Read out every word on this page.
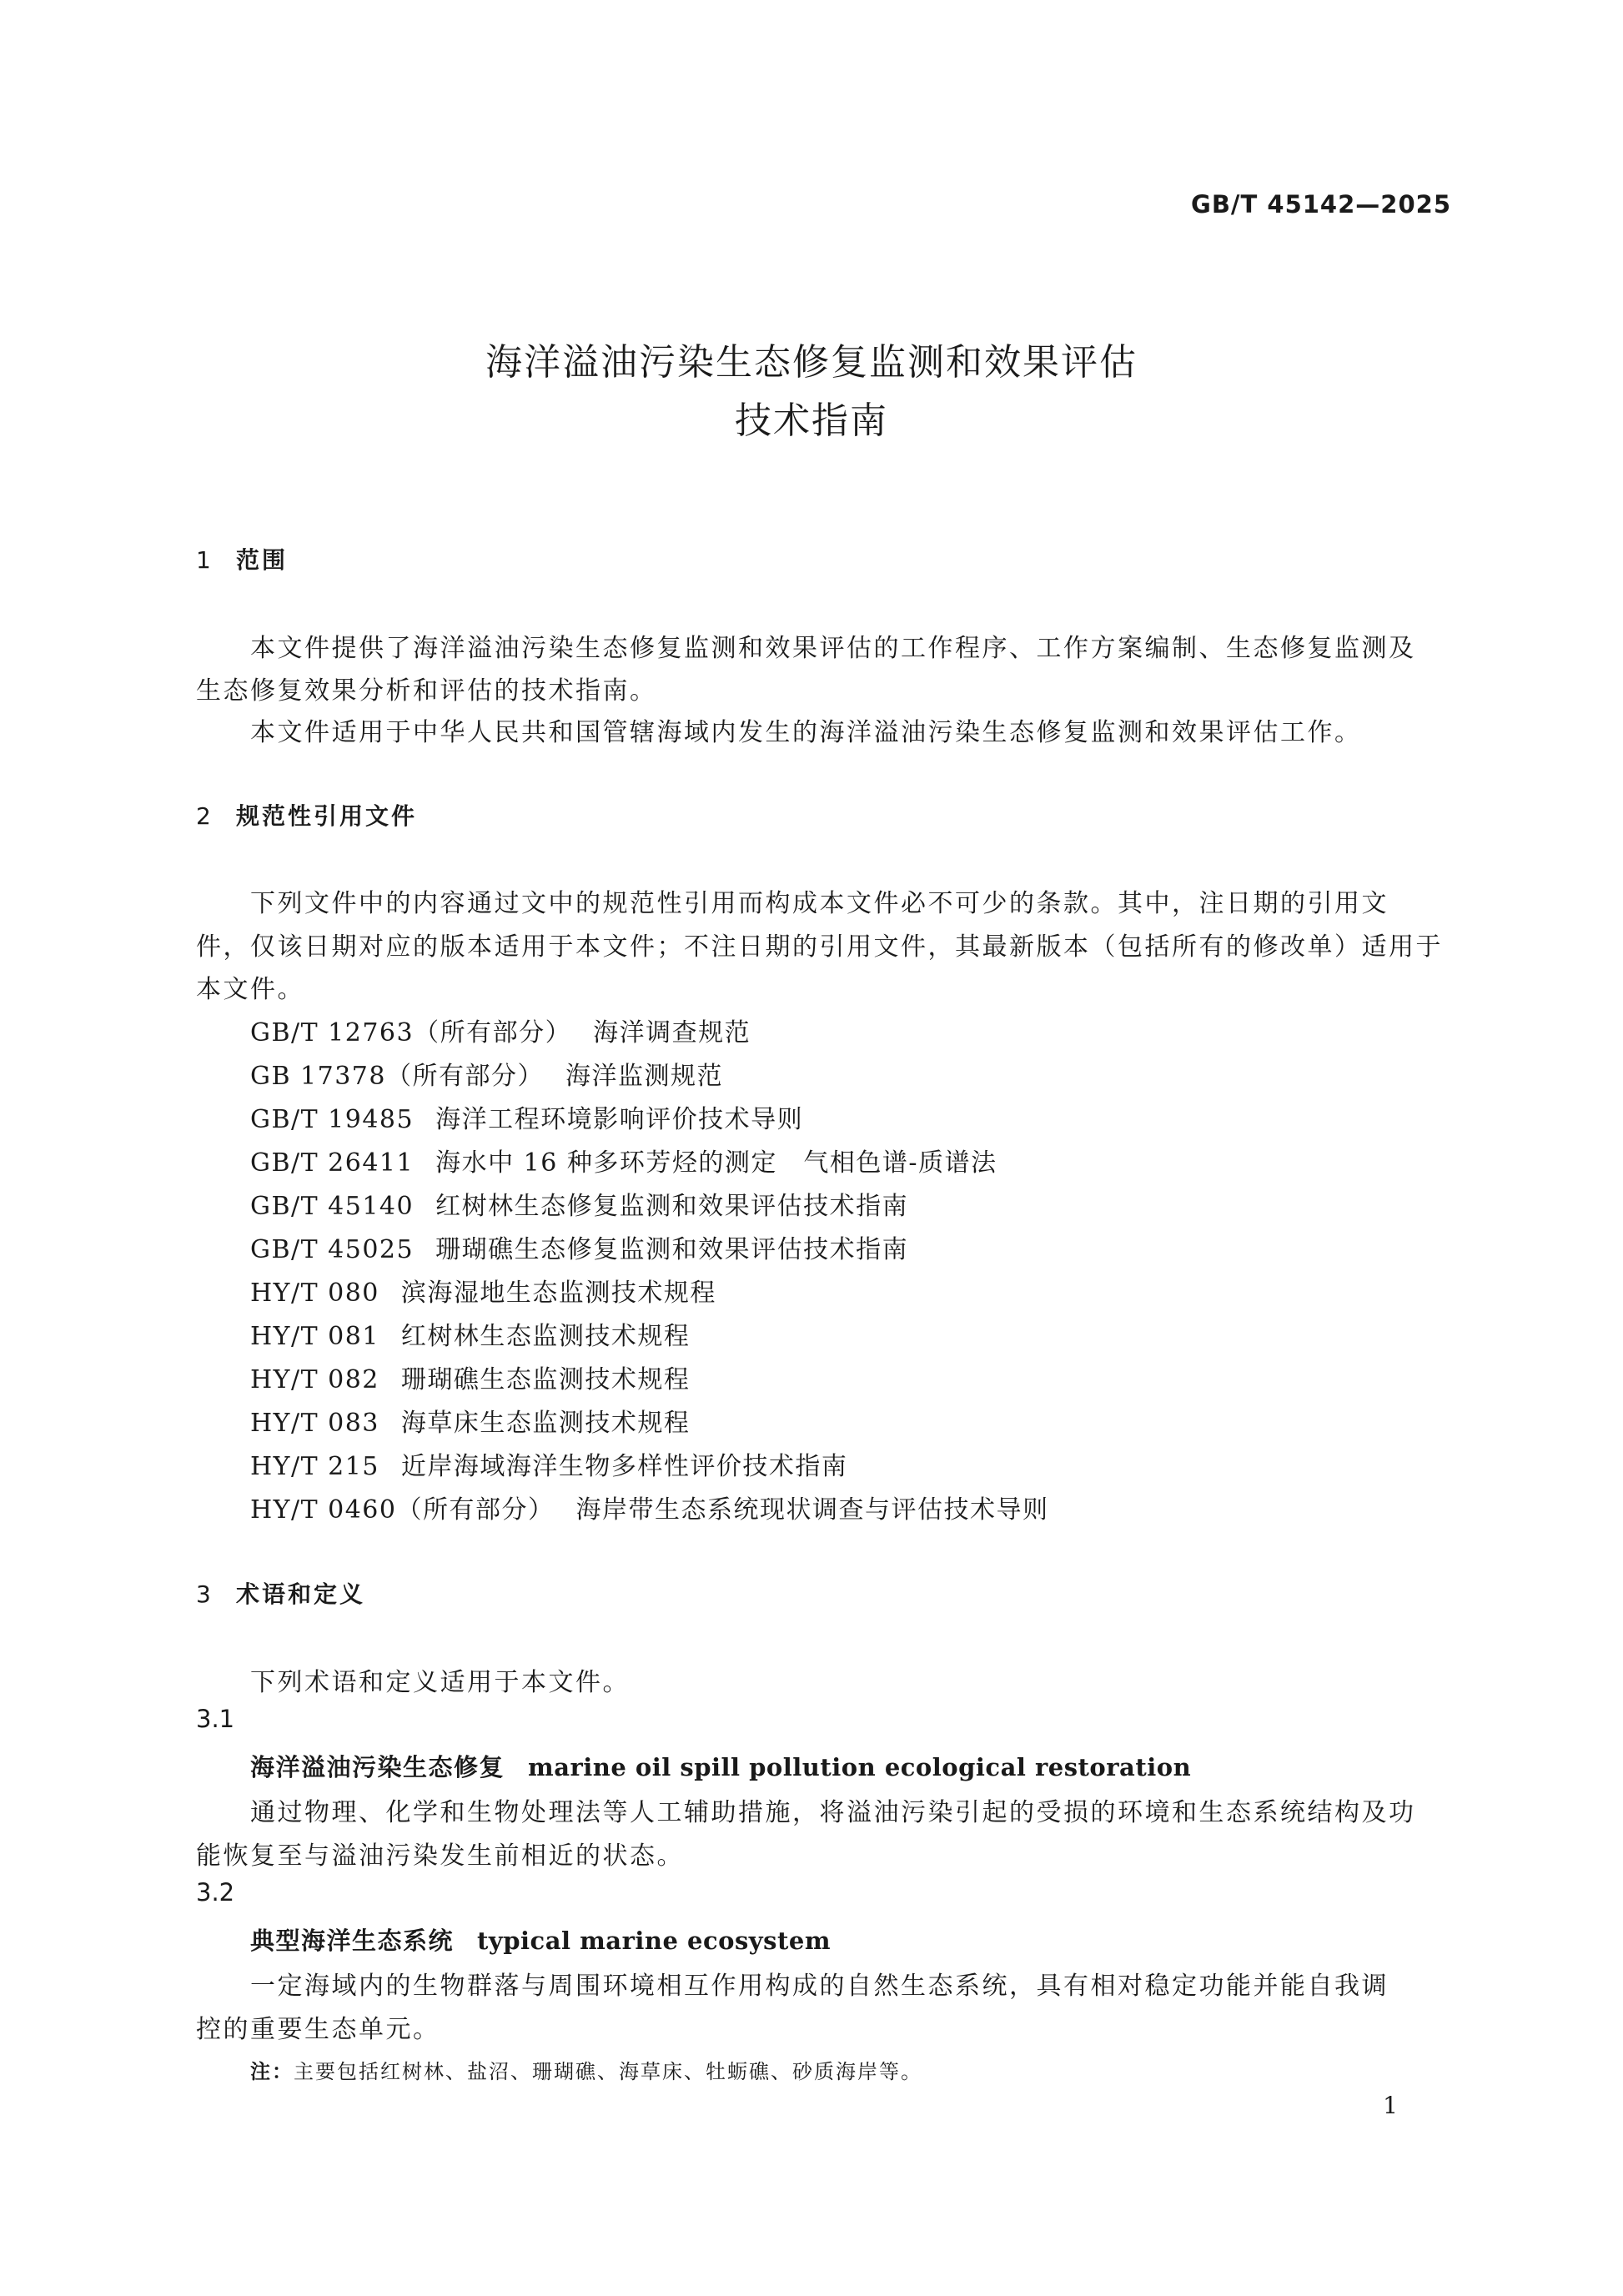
GB/T 45142—2025
海洋溢油污染生态修复监测和效果评估
技术指南
1 范围
本文件提供了海洋溢油污染生态修复监测和效果评估的工作程序、工作方案编制、生态修复监测及
生态修复效果分析和评估的技术指南。
本文件适用于中华人民共和国管辖海域内发生的海洋溢油污染生态修复监测和效果评估工作。
2 规范性引用文件
下列文件中的内容通过文中的规范性引用而构成本文件必不可少的条款。其中，注日期的引用文
件，仅该日期对应的版本适用于本文件；不注日期的引用文件，其最新版本（包括所有的修改单）适用于
本文件。
GB/T 12763（所有部分） 海洋调查规范
GB 17378（所有部分） 海洋监测规范
GB/T 19485 海洋工程环境影响评价技术导则
GB/T 26411 海水中 16 种多环芳烃的测定　气相色谱-质谱法
GB/T 45140 红树林生态修复监测和效果评估技术指南
GB/T 45025 珊瑚礁生态修复监测和效果评估技术指南
HY/T 080 滨海湿地生态监测技术规程
HY/T 081 红树林生态监测技术规程
HY/T 082 珊瑚礁生态监测技术规程
HY/T 083 海草床生态监测技术规程
HY/T 215 近岸海域海洋生物多样性评价技术指南
HY/T 0460（所有部分） 海岸带生态系统现状调查与评估技术导则
3 术语和定义
下列术语和定义适用于本文件。
3.1
海洋溢油污染生态修复 marine oil spill pollution ecological restoration
通过物理、化学和生物处理法等人工辅助措施，将溢油污染引起的受损的环境和生态系统结构及功
能恢复至与溢油污染发生前相近的状态。
3.2
典型海洋生态系统 typical marine ecosystem
一定海域内的生物群落与周围环境相互作用构成的自然生态系统，具有相对稳定功能并能自我调
控的重要生态单元。
注：主要包括红树林、盐沼、珊瑚礁、海草床、牡蛎礁、砂质海岸等。
1
